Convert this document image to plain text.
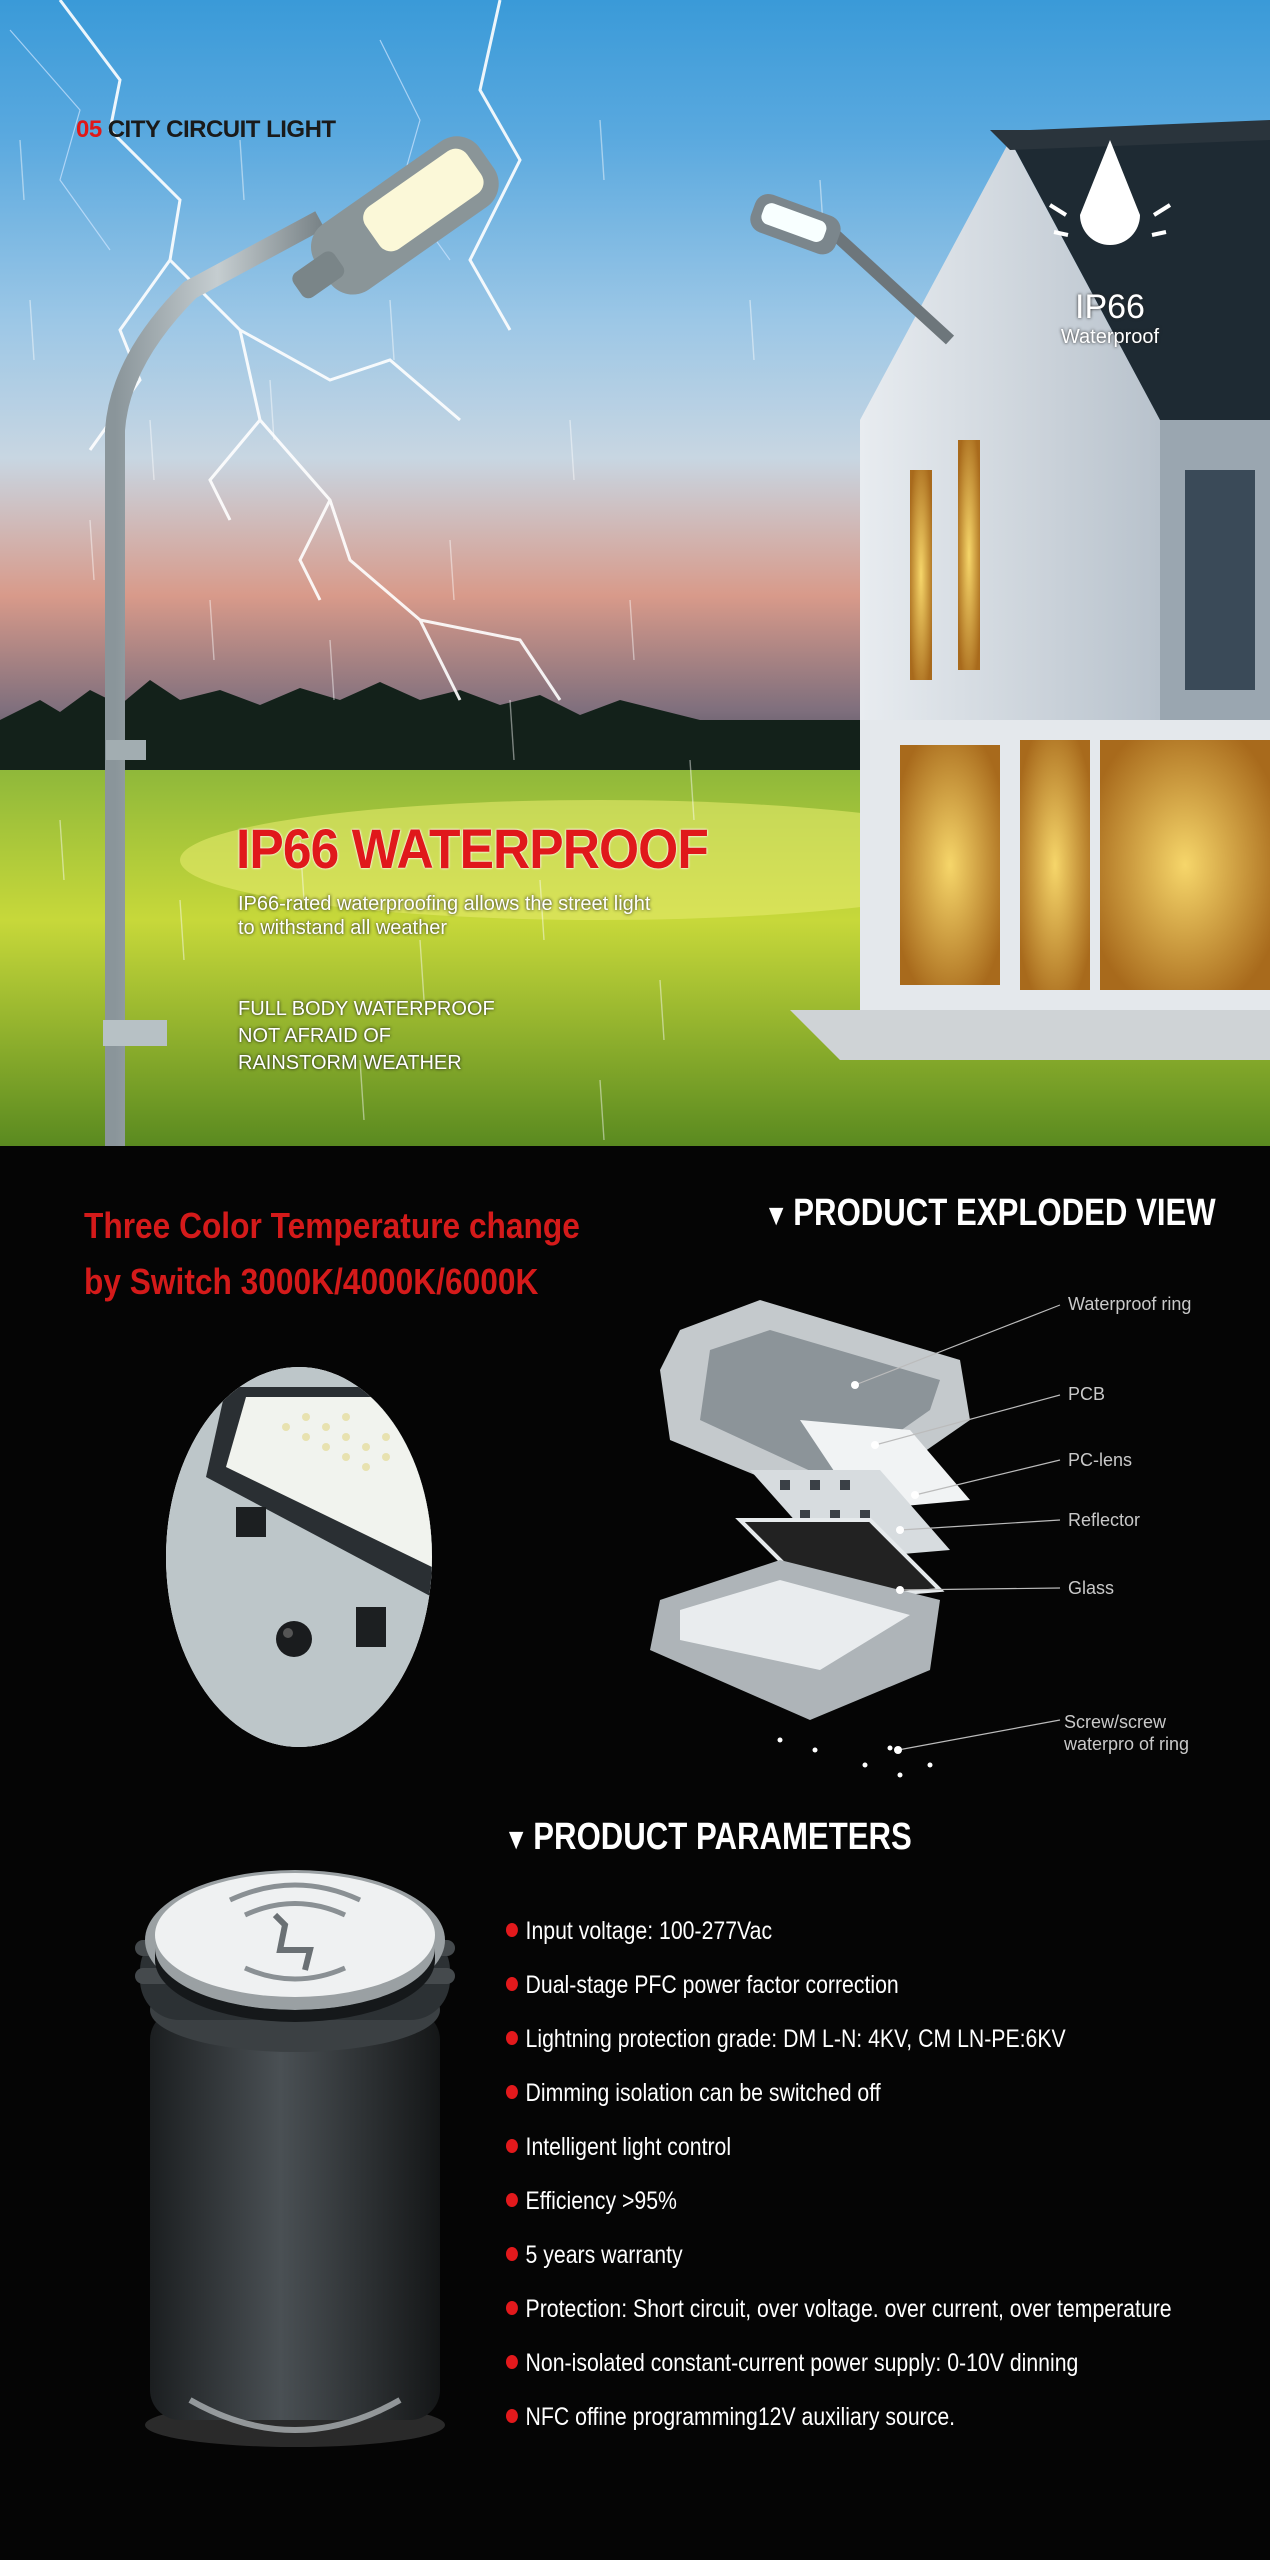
05 CITY CIRCUIT LIGHT
IP66
Waterproof
IP66 WATERPROOF
IP66-rated waterproofing allows the street light
to withstand all weather
FULL BODY WATERPROOF
NOT AFRAID OF
RAINSTORM WEATHER
Three Color Temperature change
by Switch 3000K/4000K/6000K
▼ PRODUCT EXPLODED VIEW
Waterproof ring
PCB
PC-lens
Reflector
Glass
Screw/screw
waterpro of ring
▼ PRODUCT PARAMETERS
Input voltage: 100-277Vac
Dual-stage PFC power factor correction
Lightning protection grade: DM L-N: 4KV, CM LN-PE:6KV
Dimming isolation can be switched off
Intelligent light control
Efficiency >95%
5 years warranty
Protection: Short circuit, over voltage. over current, over temperature
Non-isolated constant-current power supply: 0-10V dinning
NFC offine programming12V auxiliary source.
